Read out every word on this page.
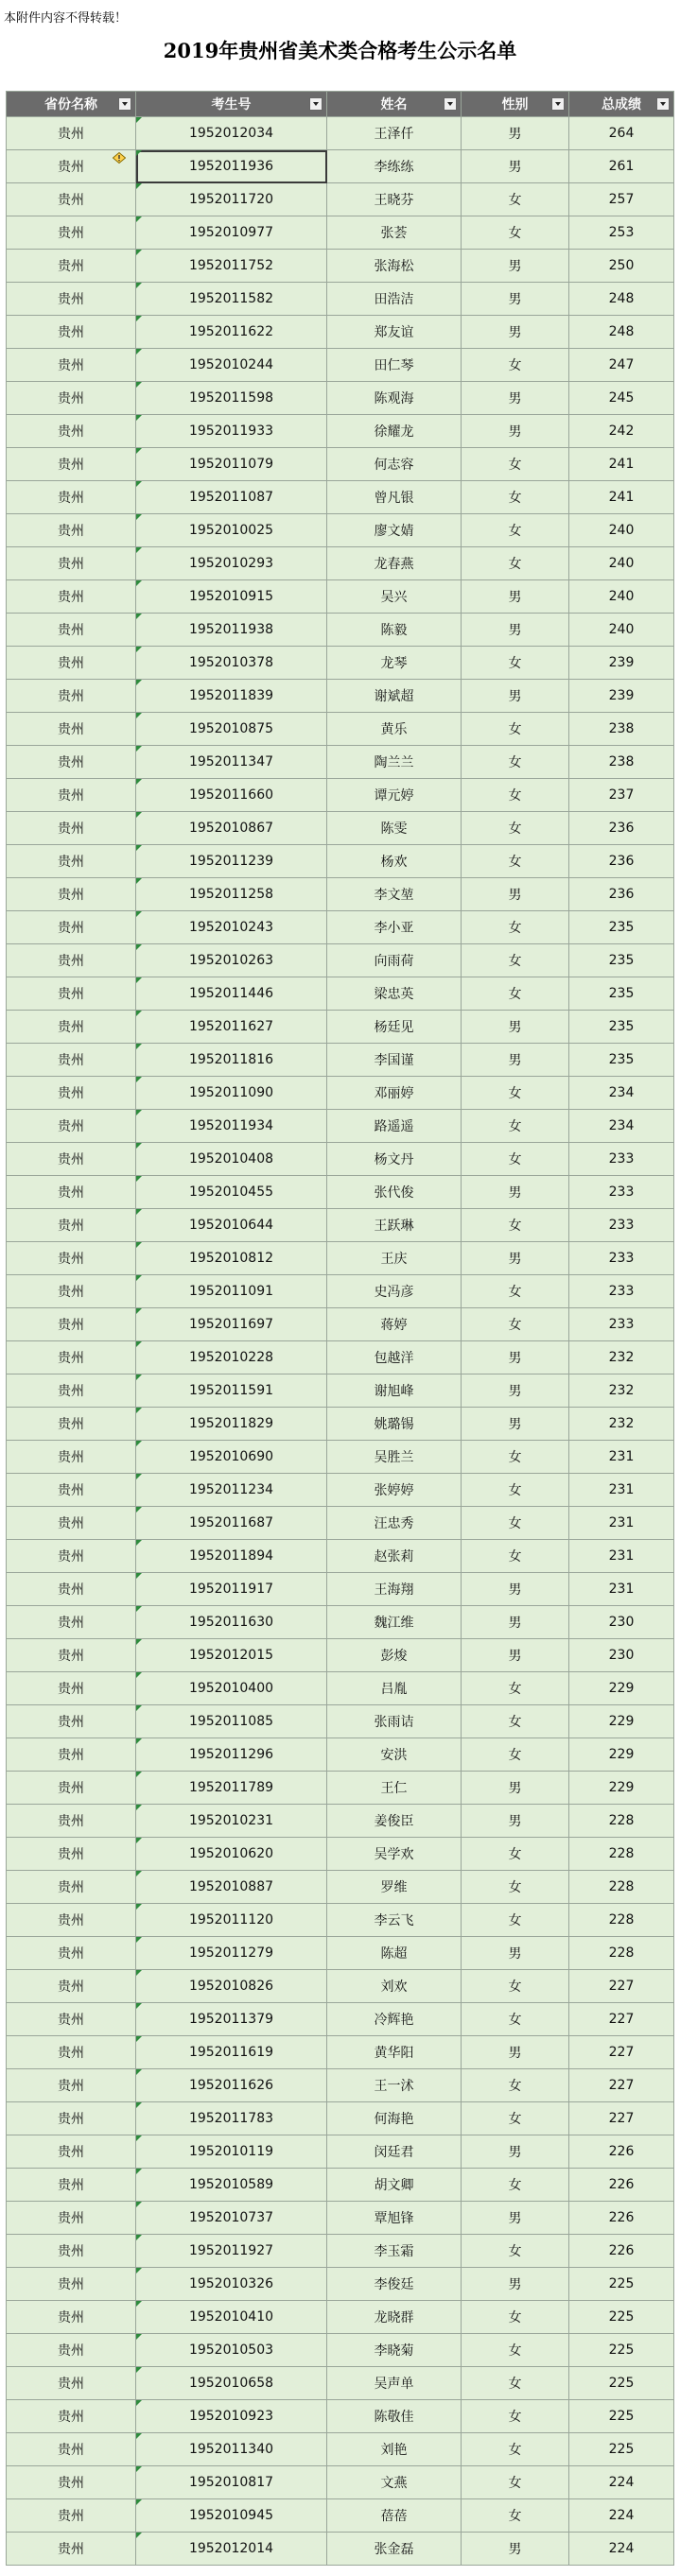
本附件内容不得转载！
2019年贵州省美术类合格考生公示名单
省份名称	考生号	姓名	性别	总成绩

贵州	1952012034	王泽仟	男	264
贵州	1952011936	李练练	男	261
贵州	1952011720	王晓芬	女	257
贵州	1952010977	张荟	女	253
贵州	1952011752	张海松	男	250
贵州	1952011582	田浩洁	男	248
贵州	1952011622	郑友谊	男	248
贵州	1952010244	田仁琴	女	247
贵州	1952011598	陈观海	男	245
贵州	1952011933	徐耀龙	男	242
贵州	1952011079	何志容	女	241
贵州	1952011087	曾凡银	女	241
贵州	1952010025	廖文婧	女	240
贵州	1952010293	龙春燕	女	240
贵州	1952010915	吴兴	男	240
贵州	1952011938	陈毅	男	240
贵州	1952010378	龙琴	女	239
贵州	1952011839	谢斌超	男	239
贵州	1952010875	黄乐	女	238
贵州	1952011347	陶兰兰	女	238
贵州	1952011660	谭元婷	女	237
贵州	1952010867	陈雯	女	236
贵州	1952011239	杨欢	女	236
贵州	1952011258	李文堃	男	236
贵州	1952010243	李小亚	女	235
贵州	1952010263	向雨荷	女	235
贵州	1952011446	梁忠英	女	235
贵州	1952011627	杨廷见	男	235
贵州	1952011816	李国谨	男	235
贵州	1952011090	邓丽婷	女	234
贵州	1952011934	路遥遥	女	234
贵州	1952010408	杨文丹	女	233
贵州	1952010455	张代俊	男	233
贵州	1952010644	王跃琳	女	233
贵州	1952010812	王庆	男	233
贵州	1952011091	史冯彦	女	233
贵州	1952011697	蒋婷	女	233
贵州	1952010228	包越洋	男	232
贵州	1952011591	谢旭峰	男	232
贵州	1952011829	姚璐锡	男	232
贵州	1952010690	吴胜兰	女	231
贵州	1952011234	张婷婷	女	231
贵州	1952011687	汪忠秀	女	231
贵州	1952011894	赵张莉	女	231
贵州	1952011917	王海翔	男	231
贵州	1952011630	魏江维	男	230
贵州	1952012015	彭焌	男	230
贵州	1952010400	吕胤	女	229
贵州	1952011085	张雨诘	女	229
贵州	1952011296	安洪	女	229
贵州	1952011789	王仁	男	229
贵州	1952010231	姜俊臣	男	228
贵州	1952010620	吴学欢	女	228
贵州	1952010887	罗维	女	228
贵州	1952011120	李云飞	女	228
贵州	1952011279	陈超	男	228
贵州	1952010826	刘欢	女	227
贵州	1952011379	冷辉艳	女	227
贵州	1952011619	黄华阳	男	227
贵州	1952011626	王一沭	女	227
贵州	1952011783	何海艳	女	227
贵州	1952010119	闵廷君	男	226
贵州	1952010589	胡文卿	女	226
贵州	1952010737	覃旭锋	男	226
贵州	1952011927	李玉霜	女	226
贵州	1952010326	李俊廷	男	225
贵州	1952010410	龙晓群	女	225
贵州	1952010503	李晓菊	女	225
贵州	1952010658	吴声单	女	225
贵州	1952010923	陈敬佳	女	225
贵州	1952011340	刘艳	女	225
贵州	1952010817	文燕	女	224
贵州	1952010945	蓓蓓	女	224
贵州	1952012014	张金磊	男	224
